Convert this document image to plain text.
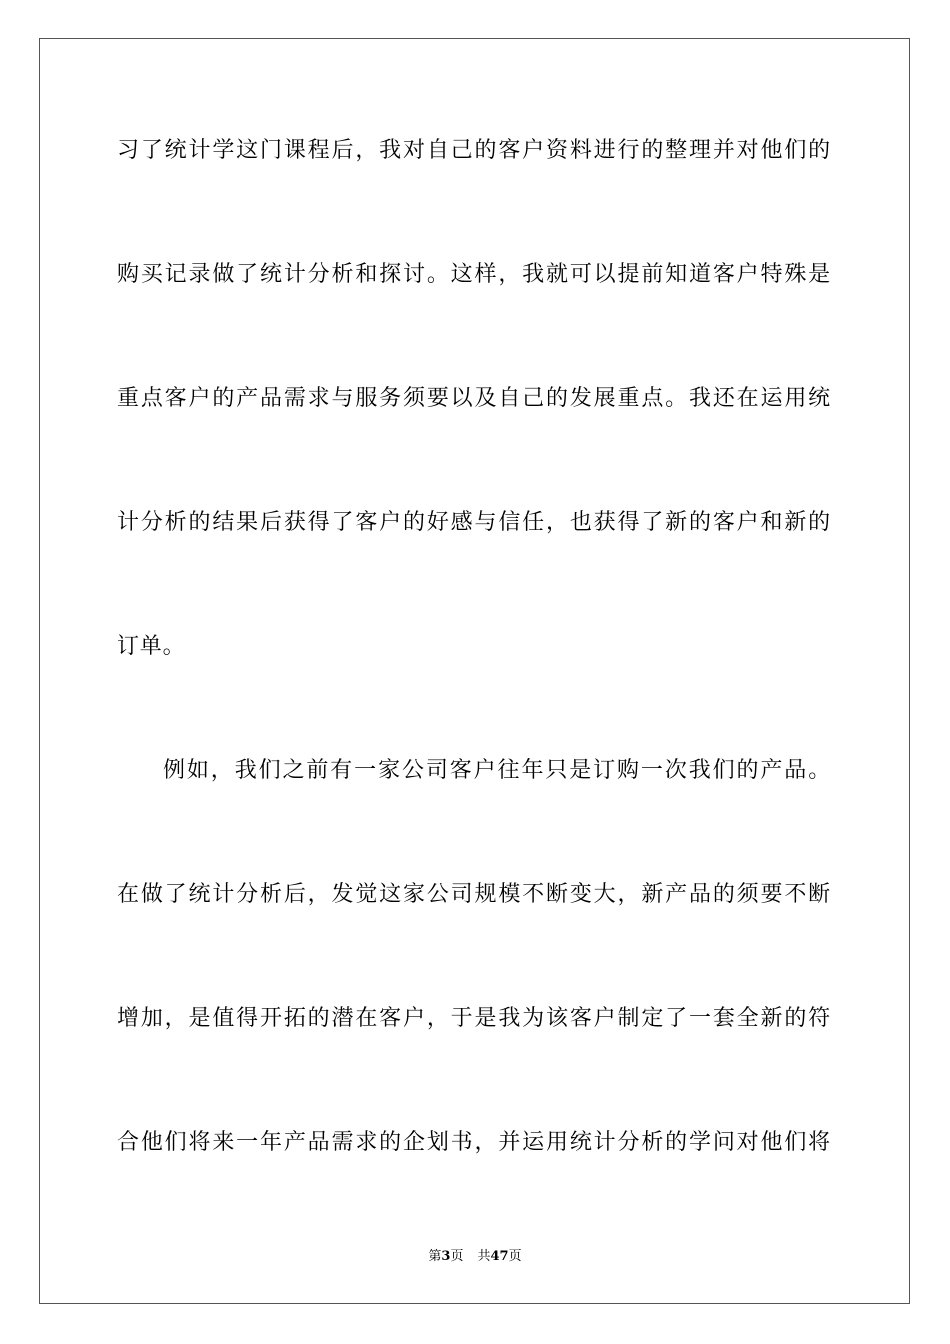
习了统计学这门课程后，我对自己的客户资料进行的整理并对他们的
购买记录做了统计分析和探讨。这样，我就可以提前知道客户特殊是
重点客户的产品需求与服务须要以及自己的发展重点。我还在运用统
计分析的结果后获得了客户的好感与信任，也获得了新的客户和新的
订单。
例如，我们之前有一家公司客户往年只是订购一次我们的产品。
在做了统计分析后，发觉这家公司规模不断变大，新产品的须要不断
增加，是值得开拓的潜在客户，于是我为该客户制定了一套全新的符
合他们将来一年产品需求的企划书，并运用统计分析的学问对他们将
第3页 共47页
